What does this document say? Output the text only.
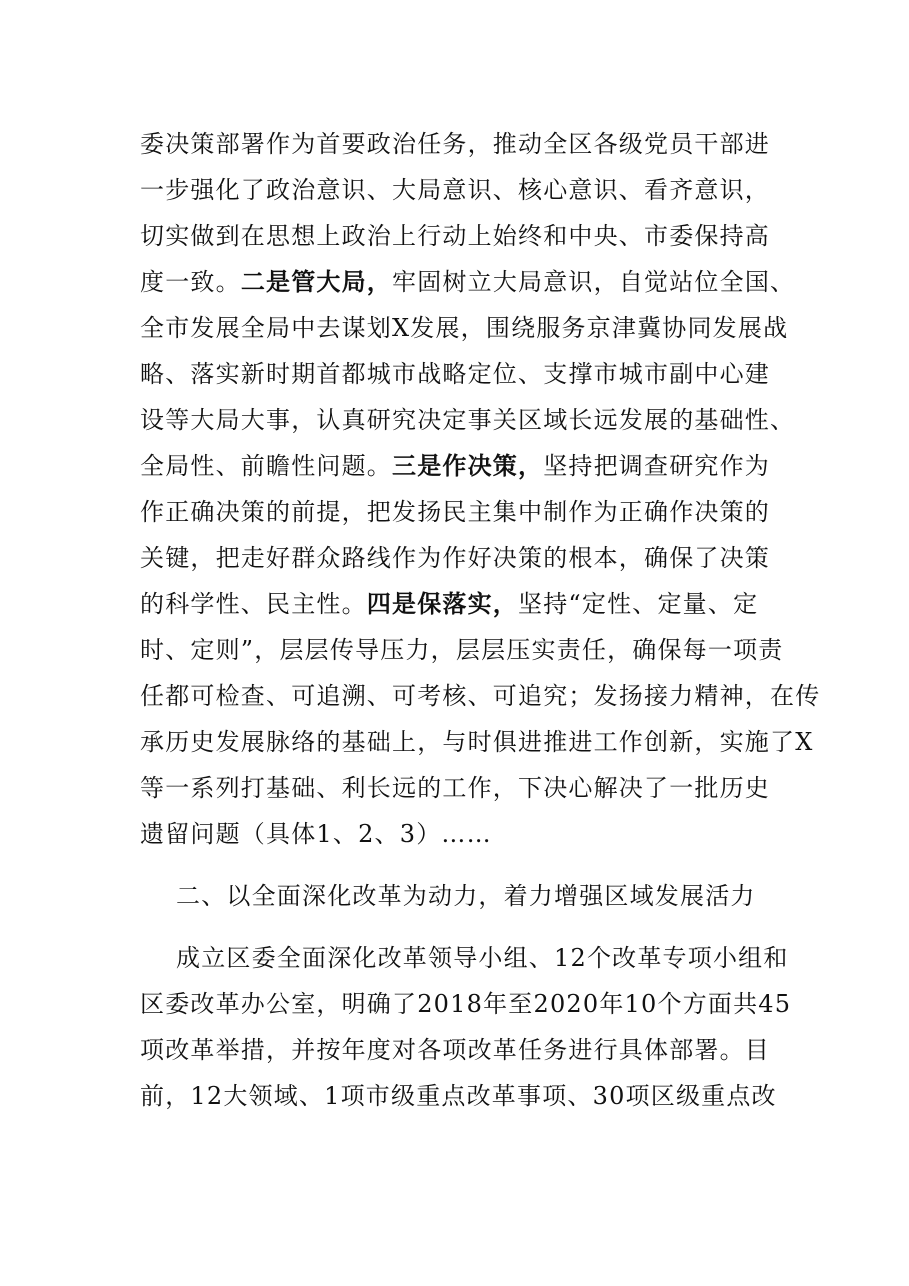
委决策部署作为首要政治任务，推动全区各级党员干部进
一步强化了政治意识、大局意识、核心意识、看齐意识，
切实做到在思想上政治上行动上始终和中央、市委保持高
度一致。二是管大局，牢固树立大局意识，自觉站位全国、
全市发展全局中去谋划X发展，围绕服务京津冀协同发展战
略、落实新时期首都城市战略定位、支撑市城市副中心建
设等大局大事，认真研究决定事关区域长远发展的基础性、
全局性、前瞻性问题。三是作决策，坚持把调查研究作为
作正确决策的前提，把发扬民主集中制作为正确作决策的
关键，把走好群众路线作为作好决策的根本，确保了决策
的科学性、民主性。四是保落实，坚持“定性、定量、定
时、定则”，层层传导压力，层层压实责任，确保每一项责
任都可检查、可追溯、可考核、可追究；发扬接力精神，在传
承历史发展脉络的基础上，与时俱进推进工作创新，实施了X
等一系列打基础、利长远的工作，下决心解决了一批历史
遗留问题（具体1、2、3）……
二、以全面深化改革为动力，着力增强区域发展活力
成立区委全面深化改革领导小组、12个改革专项小组和
区委改革办公室，明确了2018年至2020年10个方面共45
项改革举措，并按年度对各项改革任务进行具体部署。目
前，12大领域、1项市级重点改革事项、30项区级重点改
